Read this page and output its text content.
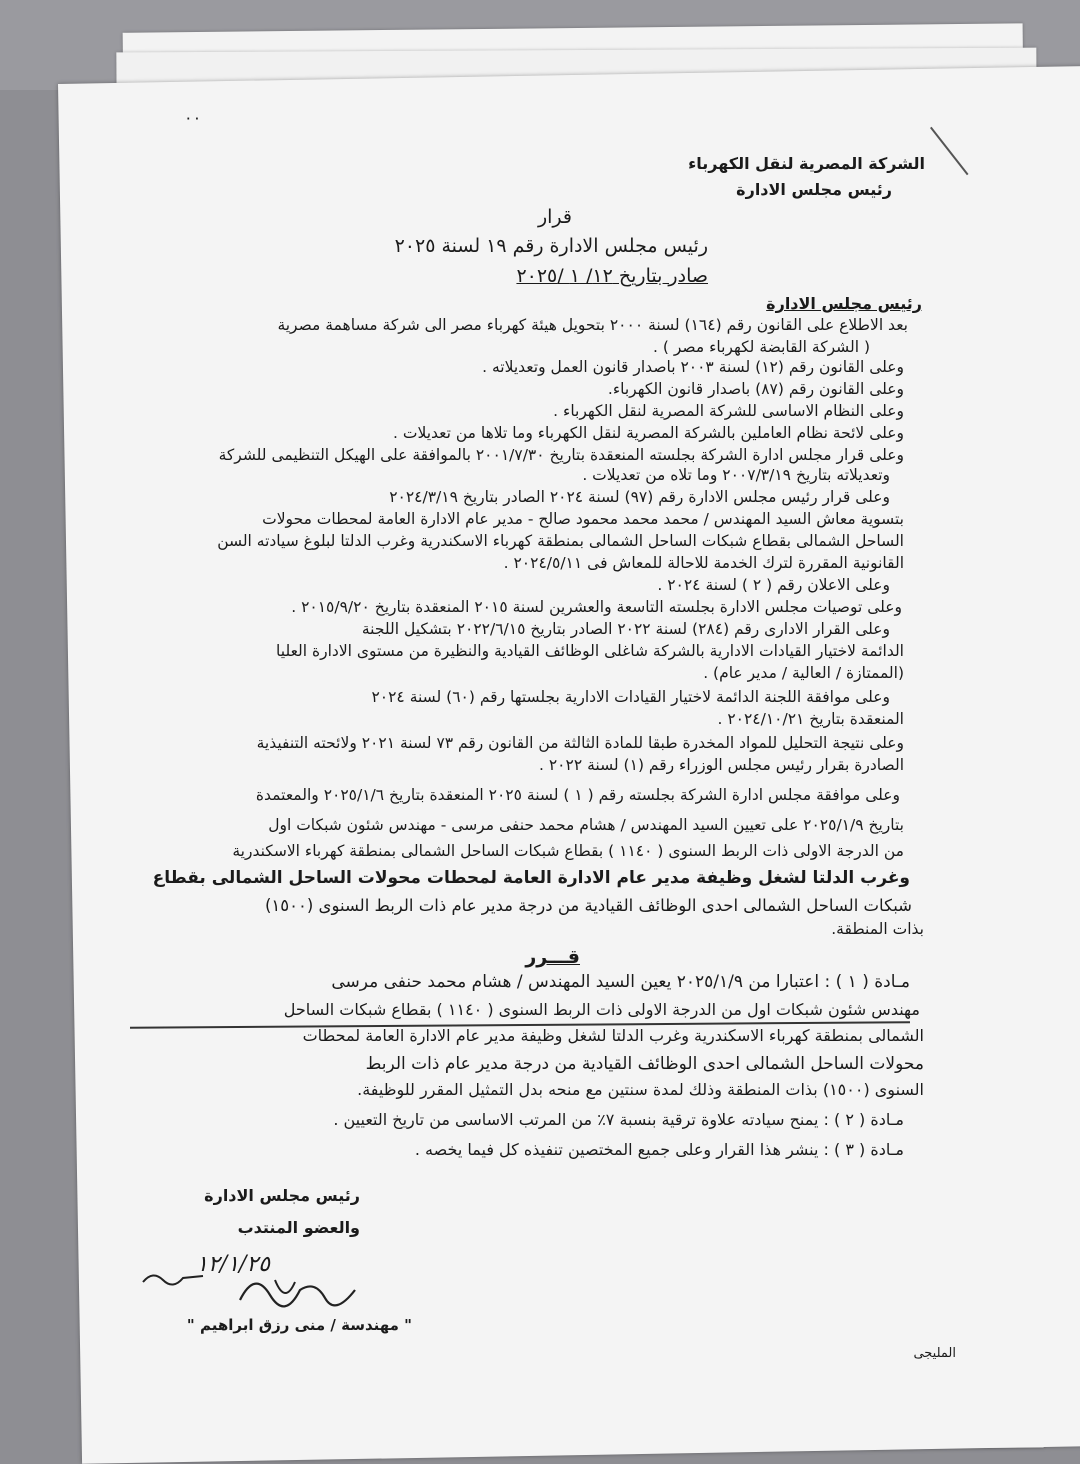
٠٠

الشركة المصرية لنقل الكهرباء

رئيس مجلس الادارة

قرار

رئيس مجلس الادارة رقم ١٩ لسنة ٢٠٢٥

صادر بتاريخ ١٢/ ١ /٢٠٢٥

رئيس مجلس الادارة

بعد الاطلاع على القانون رقم (١٦٤) لسنة ٢٠٠٠ بتحويل هيئة كهرباء مصر الى شركة مساهمة مصرية

( الشركة القابضة لكهرباء مصر ) .

وعلى القانون رقم (١٢) لسنة ٢٠٠٣ باصدار قانون العمل وتعديلاته .

وعلى القانون رقم (٨٧) باصدار قانون الكهرباء.

وعلى النظام الاساسى للشركة المصرية لنقل الكهرباء .

وعلى لائحة نظام العاملين بالشركة المصرية لنقل الكهرباء وما تلاها من تعديلات .

وعلى قرار مجلس ادارة الشركة بجلسته المنعقدة بتاريخ ٢٠٠١/٧/٣٠ بالموافقة على الهيكل التنظيمى للشركة

وتعديلاته بتاريخ ٢٠٠٧/٣/١٩ وما تلاه من تعديلات .

وعلى قرار رئيس مجلس الادارة رقم (٩٧) لسنة ٢٠٢٤ الصادر بتاريخ ٢٠٢٤/٣/١٩

بتسوية معاش السيد المهندس / محمد محمد محمود صالح - مدير عام الادارة العامة لمحطات محولات

الساحل الشمالى بقطاع شبكات الساحل الشمالى بمنطقة كهرباء الاسكندرية وغرب الدلتا لبلوغ سيادته السن

القانونية المقررة لترك الخدمة للاحالة للمعاش فى ٢٠٢٤/٥/١١ .

وعلى الاعلان رقم ( ٢ ) لسنة ٢٠٢٤ .

وعلى توصيات مجلس الادارة بجلسته التاسعة والعشرين لسنة ٢٠١٥ المنعقدة بتاريخ ٢٠١٥/٩/٢٠ .

وعلى القرار الادارى رقم (٢٨٤) لسنة ٢٠٢٢ الصادر بتاريخ ٢٠٢٢/٦/١٥ بتشكيل اللجنة

الدائمة لاختيار القيادات الادارية بالشركة شاغلى الوظائف القيادية والنظيرة من مستوى الادارة العليا

(الممتازة / العالية / مدير عام) .

وعلى موافقة اللجنة الدائمة لاختيار القيادات الادارية بجلستها رقم (٦٠) لسنة ٢٠٢٤

المنعقدة بتاريخ ٢٠٢٤/١٠/٢١ .

وعلى نتيجة التحليل للمواد المخدرة طبقا للمادة الثالثة من القانون رقم ٧٣ لسنة ٢٠٢١ ولائحته التنفيذية

الصادرة بقرار رئيس مجلس الوزراء رقم (١) لسنة ٢٠٢٢ .

وعلى موافقة مجلس ادارة الشركة بجلسته رقم ( ١ ) لسنة ٢٠٢٥ المنعقدة بتاريخ ٢٠٢٥/١/٦ والمعتمدة

بتاريخ ٢٠٢٥/١/٩ على تعيين السيد المهندس / هشام محمد حنفى مرسى - مهندس شئون شبكات اول

من الدرجة الاولى ذات الربط السنوى ( ١١٤٠ ) بقطاع شبكات الساحل الشمالى بمنطقة كهرباء الاسكندرية

وغرب الدلتا لشغل وظيفة مدير عام الادارة العامة لمحطات محولات الساحل الشمالى بقطاع

شبكات الساحل الشمالى احدى الوظائف القيادية من درجة مدير عام ذات الربط السنوى (١٥٠٠)

بذات المنطقة.

قـــرر

مـادة ( ١ ) : اعتبارا من ٢٠٢٥/١/٩ يعين السيد المهندس / هشام محمد حنفى مرسى

مهندس شئون شبكات اول من الدرجة الاولى ذات الربط السنوى ( ١١٤٠ ) بقطاع شبكات الساحل

الشمالى بمنطقة كهرباء الاسكندرية وغرب الدلتا لشغل وظيفة مدير عام الادارة العامة لمحطات

محولات الساحل الشمالى احدى الوظائف القيادية من درجة مدير عام ذات الربط

السنوى (١٥٠٠) بذات المنطقة وذلك لمدة سنتين مع منحه بدل التمثيل المقرر للوظيفة.

مـادة ( ٢ ) : يمنح سيادته علاوة ترقية بنسبة ٧٪ من المرتب الاساسى من تاريخ التعيين .

مـادة ( ٣ ) : ينشر هذا القرار وعلى جميع المختصين تنفيذه كل فيما يخصه .

رئيس مجلس الادارة

والعضو المنتدب

١٢/١/٢٥

" مهندسة / منى رزق ابراهيم "

المليجى
